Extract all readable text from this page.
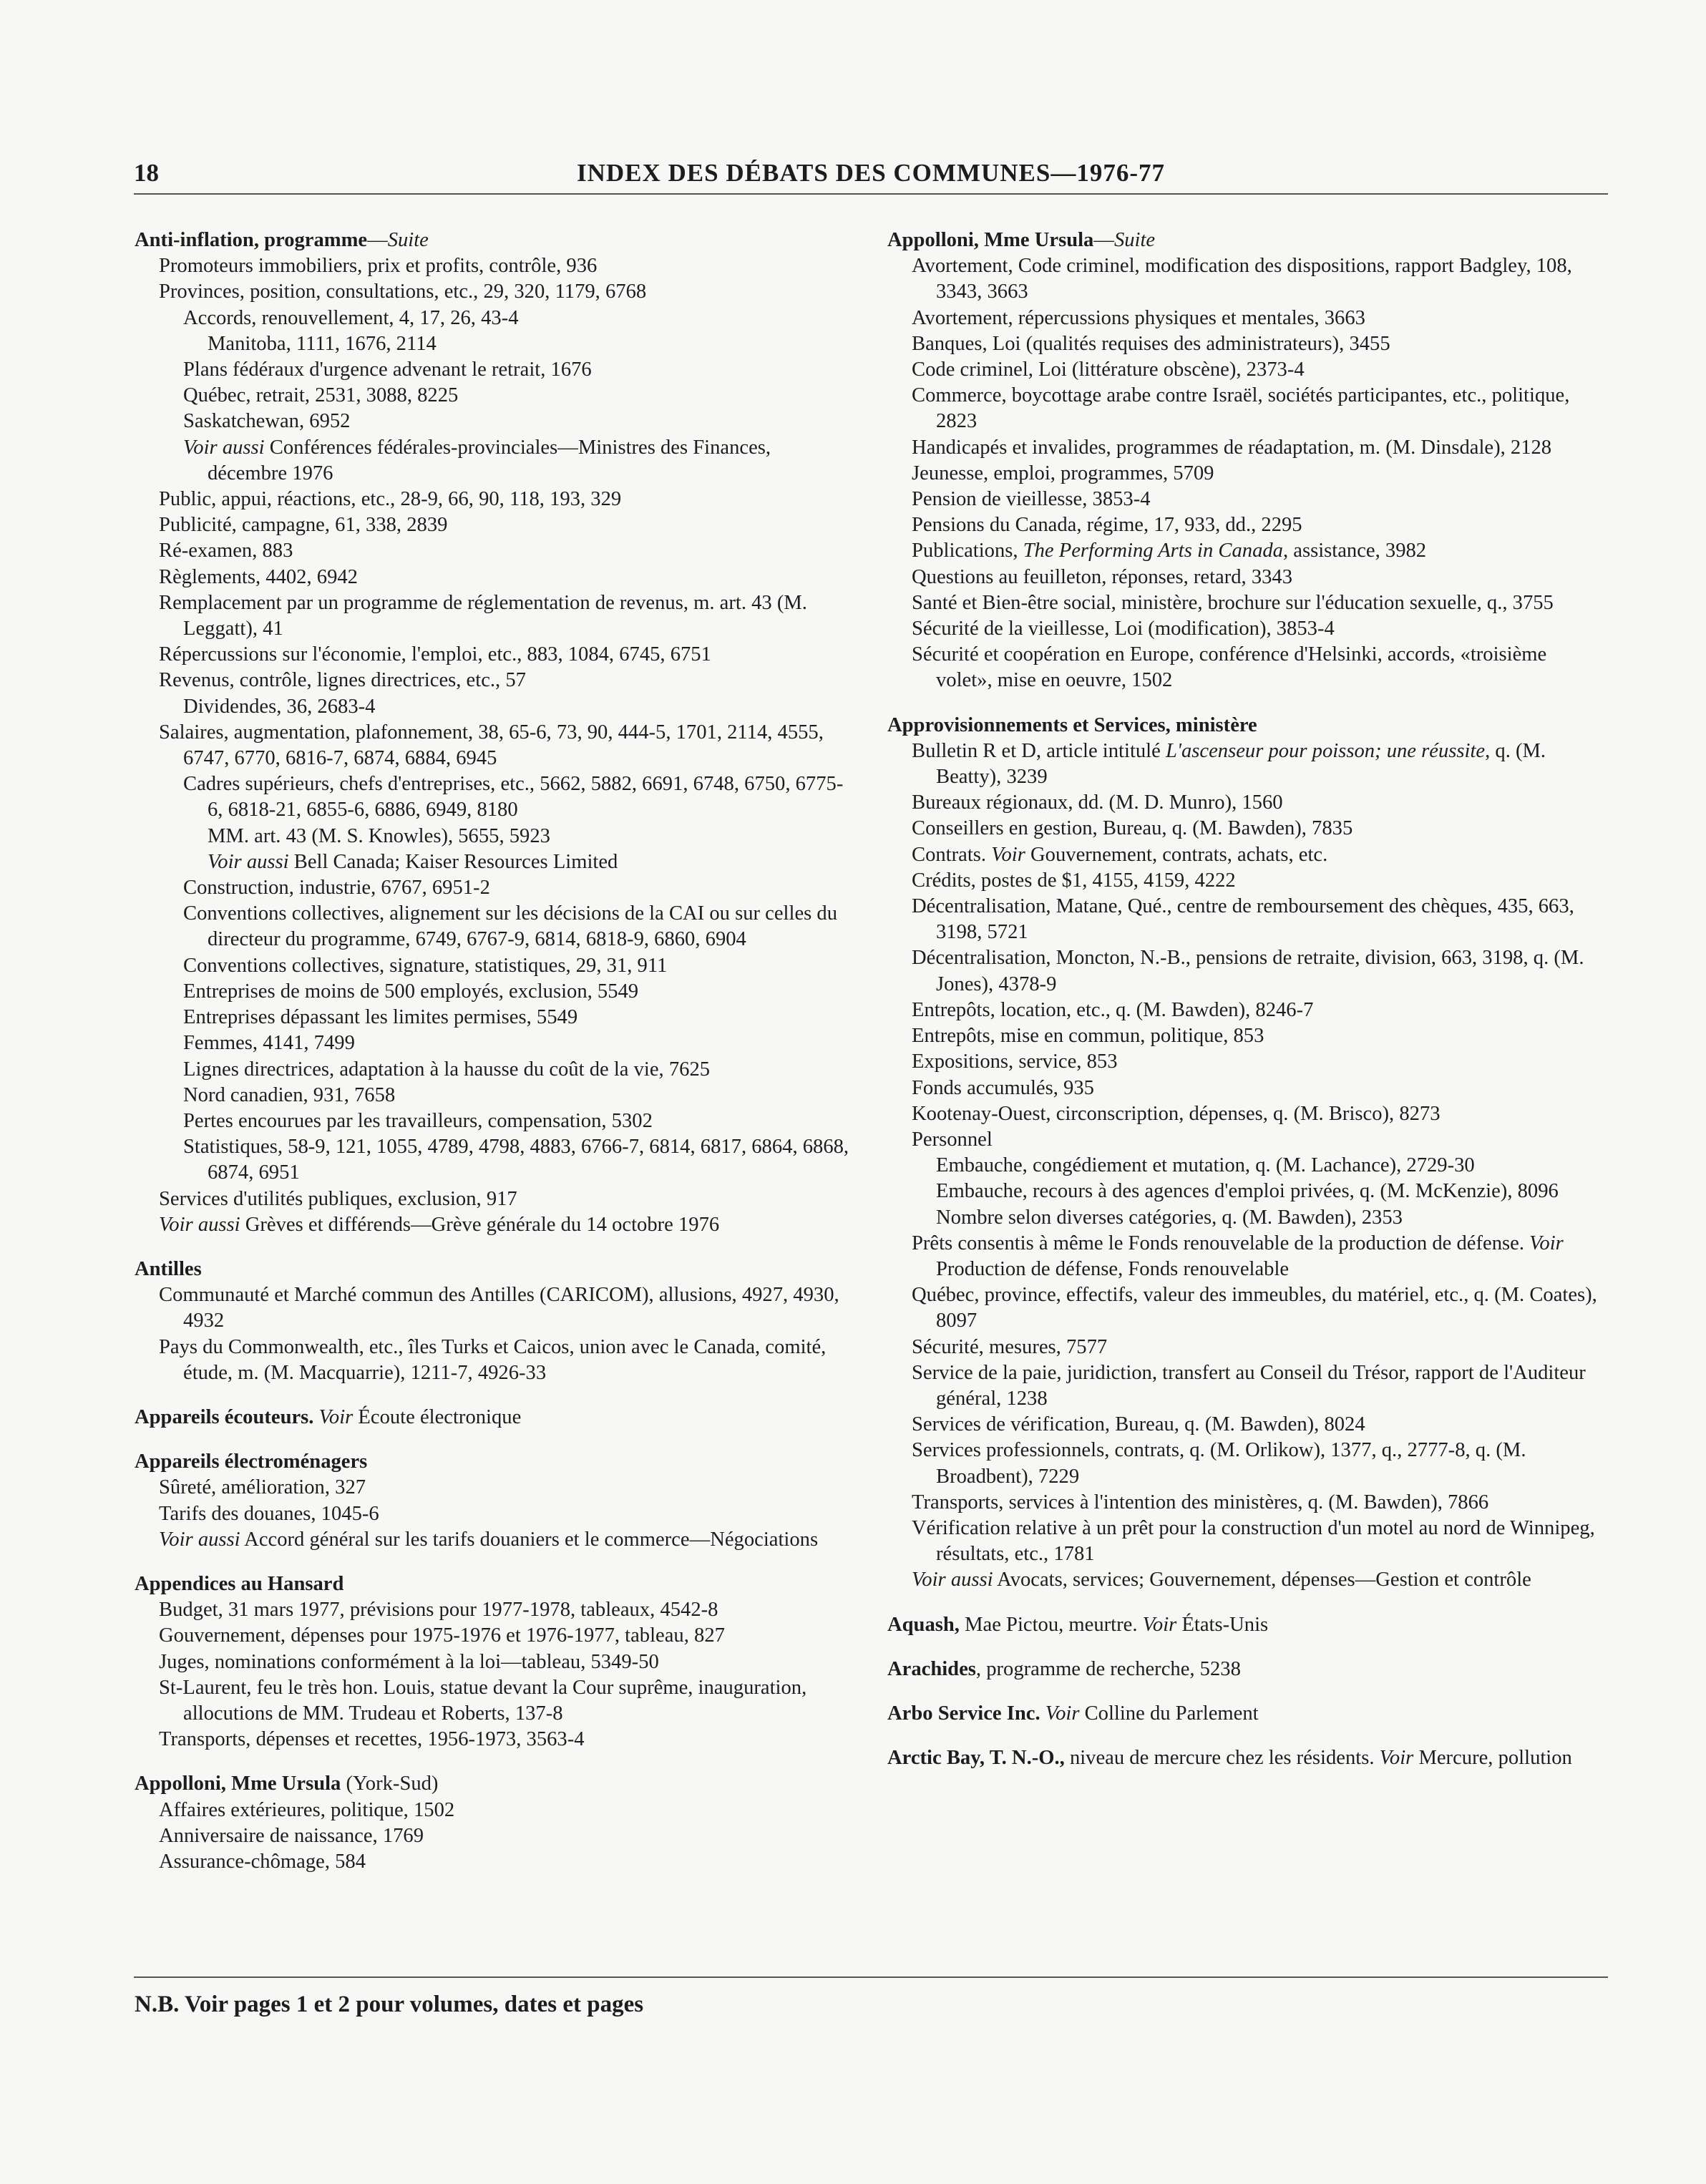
18	INDEX DES DÉBATS DES COMMUNES—1976-77
Anti-inflation, programme—Suite
Promoteurs immobiliers, prix et profits, contrôle, 936
Provinces, position, consultations, etc., 29, 320, 1179, 6768
Accords, renouvellement, 4, 17, 26, 43-4
Manitoba, 1111, 1676, 2114
Plans fédéraux d'urgence advenant le retrait, 1676
Québec, retrait, 2531, 3088, 8225
Saskatchewan, 6952
Voir aussi Conférences fédérales-provinciales—Ministres des Finances, décembre 1976
Public, appui, réactions, etc., 28-9, 66, 90, 118, 193, 329
Publicité, campagne, 61, 338, 2839
Ré-examen, 883
Règlements, 4402, 6942
Remplacement par un programme de réglementation de revenus, m. art. 43 (M. Leggatt), 41
Répercussions sur l'économie, l'emploi, etc., 883, 1084, 6745, 6751
Revenus, contrôle, lignes directrices, etc., 57
Dividendes, 36, 2683-4
Salaires, augmentation, plafonnement, 38, 65-6, 73, 90, 444-5, 1701, 2114, 4555, 6747, 6770, 6816-7, 6874, 6884, 6945
Cadres supérieurs, chefs d'entreprises, etc., 5662, 5882, 6691, 6748, 6750, 6775-6, 6818-21, 6855-6, 6886, 6949, 8180
MM. art. 43 (M. S. Knowles), 5655, 5923
Voir aussi Bell Canada; Kaiser Resources Limited
Construction, industrie, 6767, 6951-2
Conventions collectives, alignement sur les décisions de la CAI ou sur celles du directeur du programme, 6749, 6767-9, 6814, 6818-9, 6860, 6904
Conventions collectives, signature, statistiques, 29, 31, 911
Entreprises de moins de 500 employés, exclusion, 5549
Entreprises dépassant les limites permises, 5549
Femmes, 4141, 7499
Lignes directrices, adaptation à la hausse du coût de la vie, 7625
Nord canadien, 931, 7658
Pertes encourues par les travailleurs, compensation, 5302
Statistiques, 58-9, 121, 1055, 4789, 4798, 4883, 6766-7, 6814, 6817, 6864, 6868, 6874, 6951
Services d'utilités publiques, exclusion, 917
Voir aussi Grèves et différends—Grève générale du 14 octobre 1976
Antilles
Communauté et Marché commun des Antilles (CARICOM), allusions, 4927, 4930, 4932
Pays du Commonwealth, etc., îles Turks et Caicos, union avec le Canada, comité, étude, m. (M. Macquarrie), 1211-7, 4926-33
Appareils écouteurs. Voir Écoute électronique
Appareils électroménagers
Sûreté, amélioration, 327
Tarifs des douanes, 1045-6
Voir aussi Accord général sur les tarifs douaniers et le commerce—Négociations
Appendices au Hansard
Budget, 31 mars 1977, prévisions pour 1977-1978, tableaux, 4542-8
Gouvernement, dépenses pour 1975-1976 et 1976-1977, tableau, 827
Juges, nominations conformément à la loi—tableau, 5349-50
St-Laurent, feu le très hon. Louis, statue devant la Cour suprême, inauguration, allocutions de MM. Trudeau et Roberts, 137-8
Transports, dépenses et recettes, 1956-1973, 3563-4
Appolloni, Mme Ursula (York-Sud)
Affaires extérieures, politique, 1502
Anniversaire de naissance, 1769
Assurance-chômage, 584
Appolloni, Mme Ursula—Suite
Avortement, Code criminel, modification des dispositions, rapport Badgley, 108, 3343, 3663
Avortement, répercussions physiques et mentales, 3663
Banques, Loi (qualités requises des administrateurs), 3455
Code criminel, Loi (littérature obscène), 2373-4
Commerce, boycottage arabe contre Israël, sociétés participantes, etc., politique, 2823
Handicapés et invalides, programmes de réadaptation, m. (M. Dinsdale), 2128
Jeunesse, emploi, programmes, 5709
Pension de vieillesse, 3853-4
Pensions du Canada, régime, 17, 933, dd., 2295
Publications, The Performing Arts in Canada, assistance, 3982
Questions au feuilleton, réponses, retard, 3343
Santé et Bien-être social, ministère, brochure sur l'éducation sexuelle, q., 3755
Sécurité de la vieillesse, Loi (modification), 3853-4
Sécurité et coopération en Europe, conférence d'Helsinki, accords, «troisième volet», mise en oeuvre, 1502
Approvisionnements et Services, ministère
Bulletin R et D, article intitulé L'ascenseur pour poisson; une réussite, q. (M. Beatty), 3239
Bureaux régionaux, dd. (M. D. Munro), 1560
Conseillers en gestion, Bureau, q. (M. Bawden), 7835
Contrats. Voir Gouvernement, contrats, achats, etc.
Crédits, postes de $1, 4155, 4159, 4222
Décentralisation, Matane, Qué., centre de remboursement des chèques, 435, 663, 3198, 5721
Décentralisation, Moncton, N.-B., pensions de retraite, division, 663, 3198, q. (M. Jones), 4378-9
Entrepôts, location, etc., q. (M. Bawden), 8246-7
Entrepôts, mise en commun, politique, 853
Expositions, service, 853
Fonds accumulés, 935
Kootenay-Ouest, circonscription, dépenses, q. (M. Brisco), 8273
Personnel
Embauche, congédiement et mutation, q. (M. Lachance), 2729-30
Embauche, recours à des agences d'emploi privées, q. (M. McKenzie), 8096
Nombre selon diverses catégories, q. (M. Bawden), 2353
Prêts consentis à même le Fonds renouvelable de la production de défense. Voir Production de défense, Fonds renouvelable
Québec, province, effectifs, valeur des immeubles, du matériel, etc., q. (M. Coates), 8097
Sécurité, mesures, 7577
Service de la paie, juridiction, transfert au Conseil du Trésor, rapport de l'Auditeur général, 1238
Services de vérification, Bureau, q. (M. Bawden), 8024
Services professionnels, contrats, q. (M. Orlikow), 1377, q., 2777-8, q. (M. Broadbent), 7229
Transports, services à l'intention des ministères, q. (M. Bawden), 7866
Vérification relative à un prêt pour la construction d'un motel au nord de Winnipeg, résultats, etc., 1781
Voir aussi Avocats, services; Gouvernement, dépenses—Gestion et contrôle
Aquash, Mae Pictou, meurtre. Voir États-Unis
Arachides, programme de recherche, 5238
Arbo Service Inc. Voir Colline du Parlement
Arctic Bay, T. N.-O., niveau de mercure chez les résidents. Voir Mercure, pollution
N.B. Voir pages 1 et 2 pour volumes, dates et pages
